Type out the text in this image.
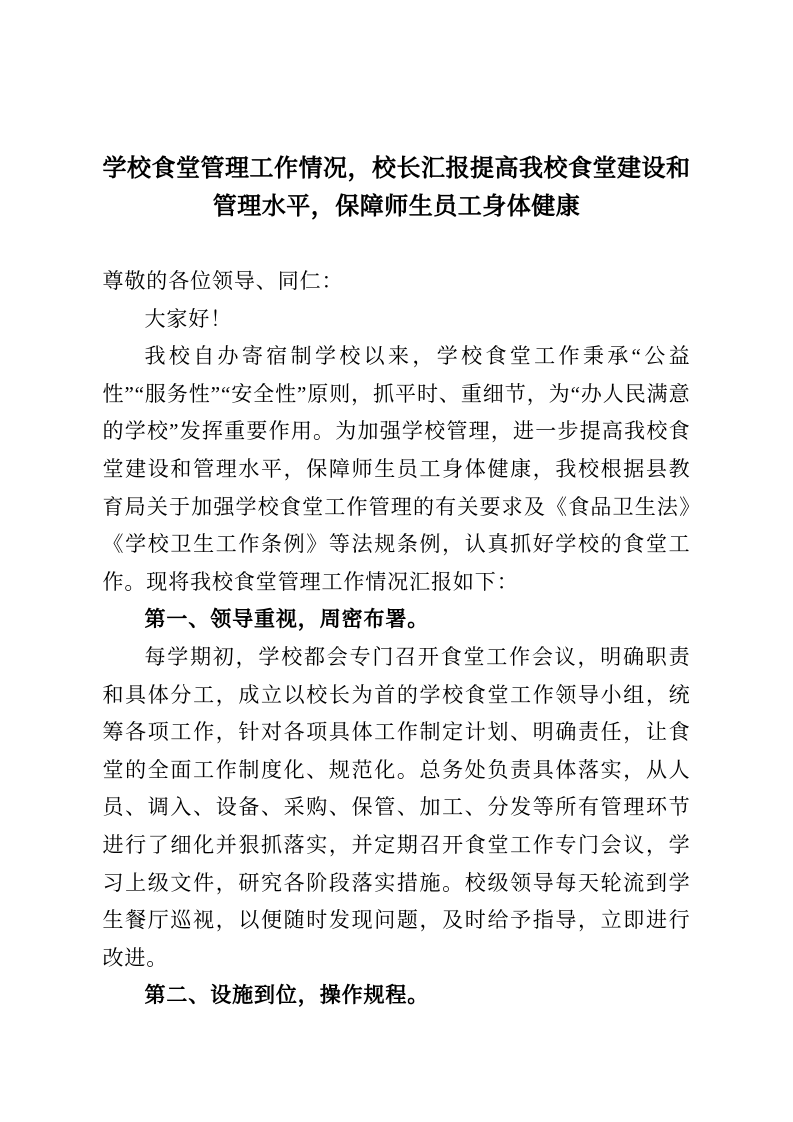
学校食堂管理工作情况，校长汇报提高我校食堂建设和
管理水平，保障师生员工身体健康

尊敬的各位领导、同仁：

大家好！

我校自办寄宿制学校以来，学校食堂工作秉承“公益性”“服务性”“安全性”原则，抓平时、重细节，为“办人民满意的学校”发挥重要作用。为加强学校管理，进一步提高我校食堂建设和管理水平，保障师生员工身体健康，我校根据县教育局关于加强学校食堂工作管理的有关要求及《食品卫生法》《学校卫生工作条例》等法规条例，认真抓好学校的食堂工作。现将我校食堂管理工作情况汇报如下：

第一、领导重视，周密布署。

每学期初，学校都会专门召开食堂工作会议，明确职责和具体分工，成立以校长为首的学校食堂工作领导小组，统筹各项工作，针对各项具体工作制定计划、明确责任，让食堂的全面工作制度化、规范化。总务处负责具体落实，从人员、调入、设备、采购、保管、加工、分发等所有管理环节进行了细化并狠抓落实，并定期召开食堂工作专门会议，学习上级文件，研究各阶段落实措施。校级领导每天轮流到学生餐厅巡视，以便随时发现问题，及时给予指导，立即进行改进。

第二、设施到位，操作规程。
